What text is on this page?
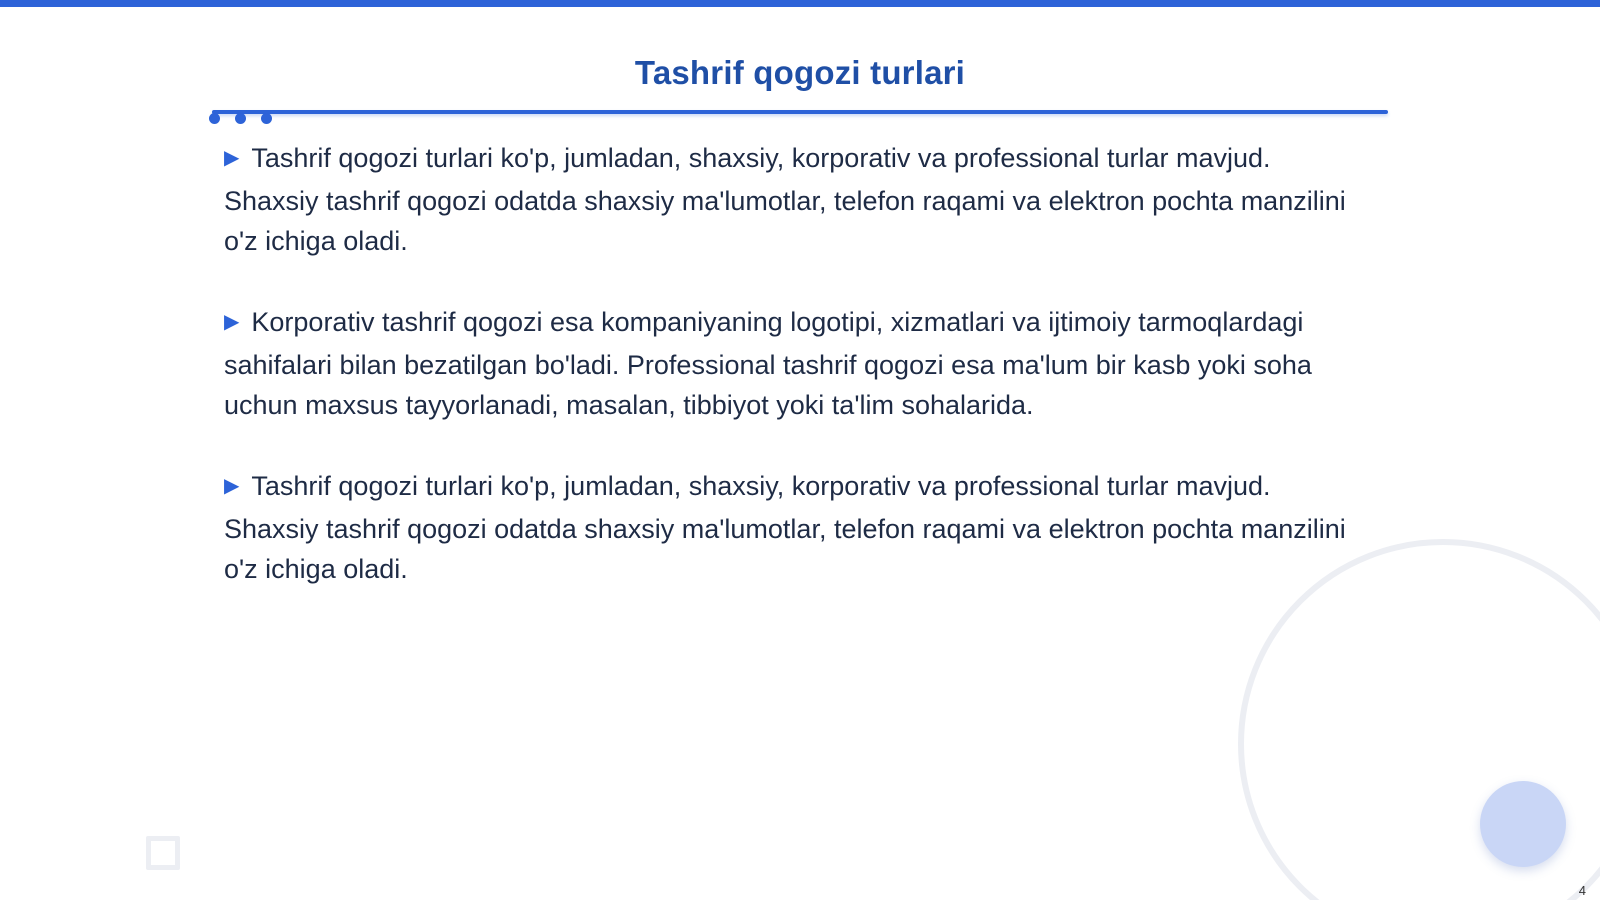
Tashrif qogozi turlari

▶ Tashrif qogozi turlari ko'p, jumladan, shaxsiy, korporativ va professional turlar mavjud. Shaxsiy tashrif qogozi odatda shaxsiy ma'lumotlar, telefon raqami va elektron pochta manzilini o'z ichiga oladi.

▶ Korporativ tashrif qogozi esa kompaniyaning logotipi, xizmatlari va ijtimoiy tarmoqlardagi sahifalari bilan bezatilgan bo'ladi. Professional tashrif qogozi esa ma'lum bir kasb yoki soha uchun maxsus tayyorlanadi, masalan, tibbiyot yoki ta'lim sohalarida.

▶ Tashrif qogozi turlari ko'p, jumladan, shaxsiy, korporativ va professional turlar mavjud. Shaxsiy tashrif qogozi odatda shaxsiy ma'lumotlar, telefon raqami va elektron pochta manzilini o'z ichiga oladi.

4
